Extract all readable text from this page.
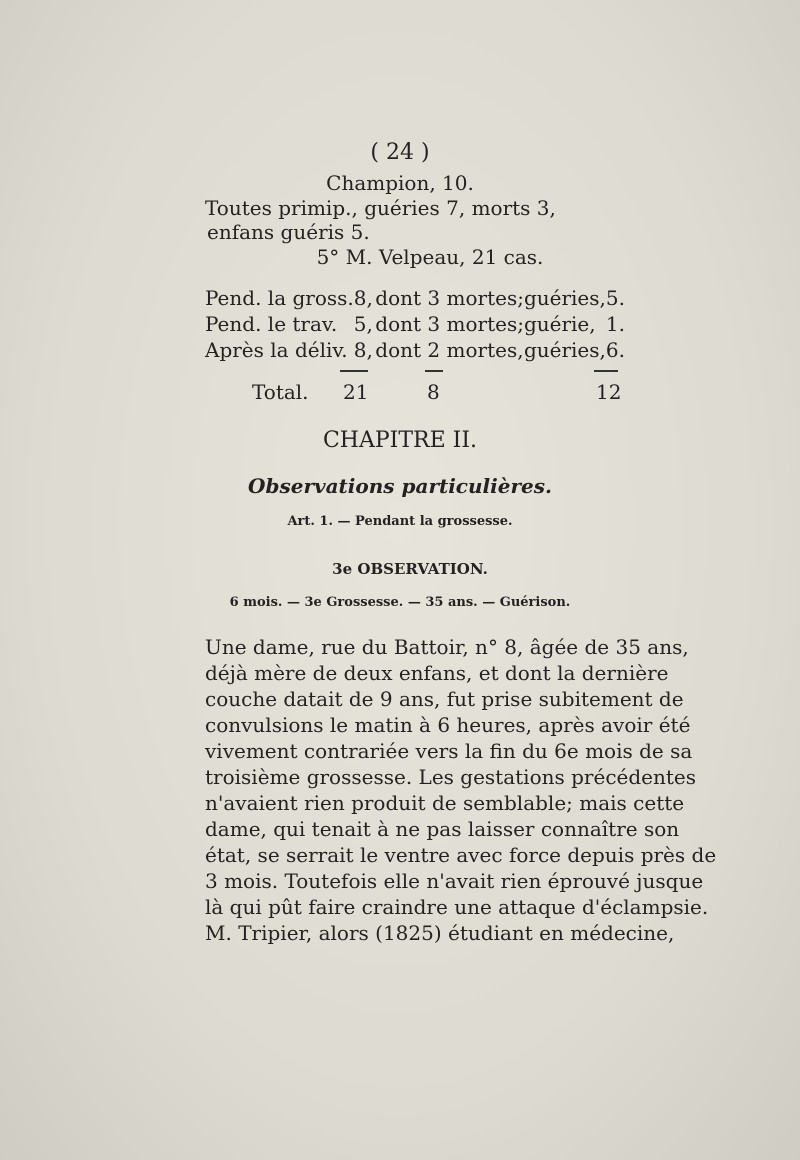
( 24 )
Champion, 10.
Toutes primip., guéries 7, morts 3,
enfans guéris 5.
5° M. Velpeau, 21 cas.
Pend. la gross.	8,	dont 3 mortes;	guéries,	5.
Pend. le trav.	5,	dont 3 mortes;	guérie,	1.
Après la déliv.	8,	dont 2 mortes,	guéries,	6.
Total. 21	8	12
CHAPITRE II.
Observations particulières.
Art. 1. — Pendant la grossesse.
3e OBSERVATION.
6 mois. — 3e Grossesse. — 35 ans. — Guérison.
Une dame, rue du Battoir, n° 8, âgée de 35 ans,
déjà mère de deux enfans, et dont la dernière
couche datait de 9 ans, fut prise subitement de
convulsions le matin à 6 heures, après avoir été
vivement contrariée vers la fin du 6e mois de sa
troisième grossesse. Les gestations précédentes
n'avaient rien produit de semblable; mais cette
dame, qui tenait à ne pas laisser connaître son
état, se serrait le ventre avec force depuis près de
3 mois. Toutefois elle n'avait rien éprouvé jusque
là qui pût faire craindre une attaque d'éclampsie.
M. Tripier, alors (1825) étudiant en médecine,
